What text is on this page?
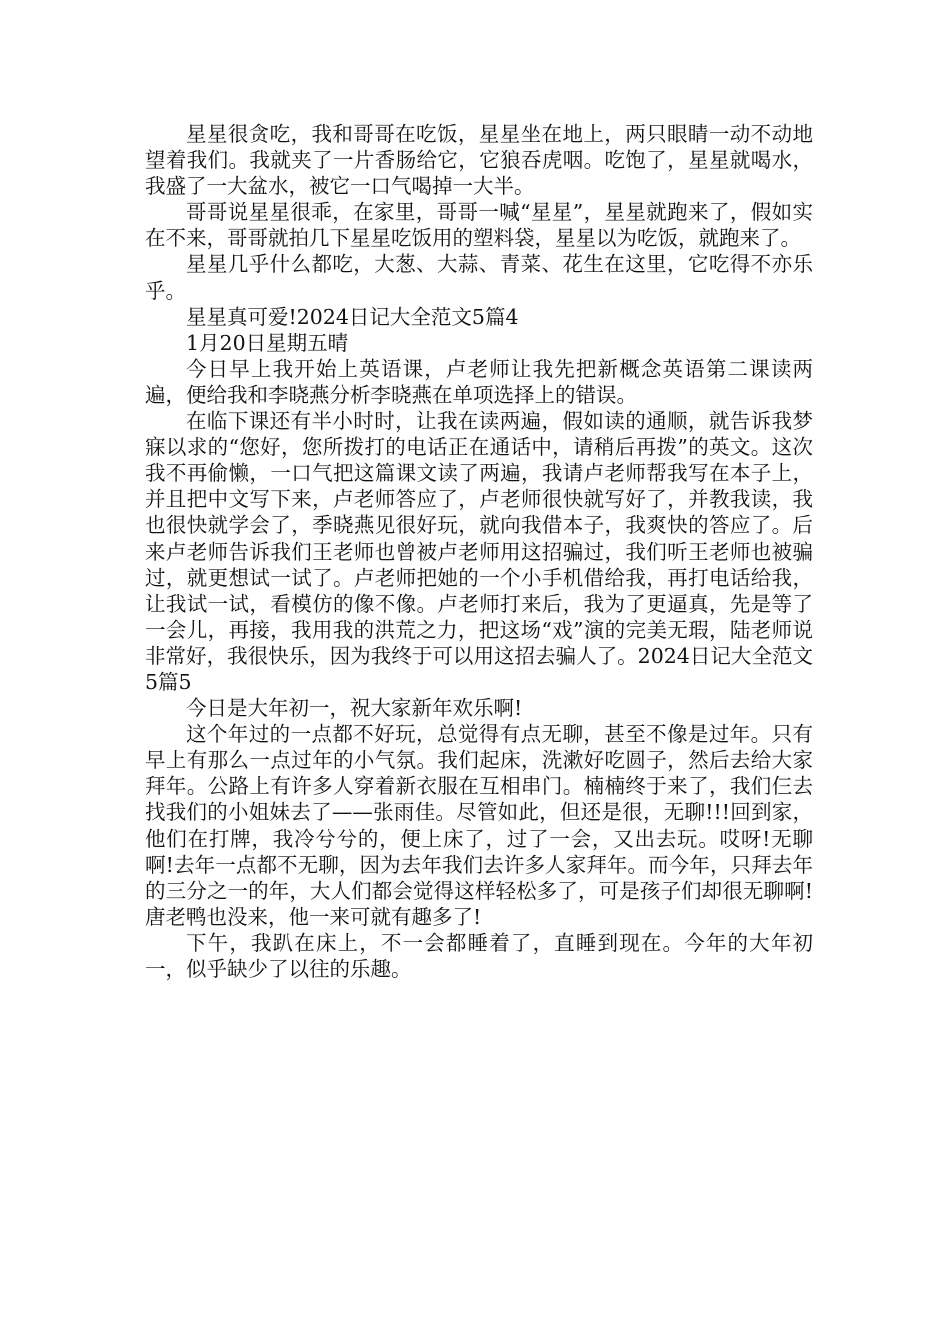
星星很贪吃，我和哥哥在吃饭，星星坐在地上，两只眼睛一动不动地望着我们。我就夹了一片香肠给它，它狼吞虎咽。吃饱了，星星就喝水，我盛了一大盆水，被它一口气喝掉一大半。

哥哥说星星很乖，在家里，哥哥一喊“星星”，星星就跑来了，假如实在不来，哥哥就拍几下星星吃饭用的塑料袋，星星以为吃饭，就跑来了。

星星几乎什么都吃，大葱、大蒜、青菜、花生在这里，它吃得不亦乐乎。

星星真可爱!2024日记大全范文5篇4

1月20日星期五晴

今日早上我开始上英语课，卢老师让我先把新概念英语第二课读两遍，便给我和李晓燕分析李晓燕在单项选择上的错误。

在临下课还有半小时时，让我在读两遍，假如读的通顺，就告诉我梦寐以求的“您好，您所拨打的电话正在通话中，请稍后再拨”的英文。这次我不再偷懒，一口气把这篇课文读了两遍，我请卢老师帮我写在本子上，并且把中文写下来，卢老师答应了，卢老师很快就写好了，并教我读，我也很快就学会了，季晓燕见很好玩，就向我借本子，我爽快的答应了。后来卢老师告诉我们王老师也曾被卢老师用这招骗过，我们听王老师也被骗过，就更想试一试了。卢老师把她的一个小手机借给我，再打电话给我，让我试一试，看模仿的像不像。卢老师打来后，我为了更逼真，先是等了一会儿，再接，我用我的洪荒之力，把这场“戏”演的完美无瑕，陆老师说非常好，我很快乐，因为我终于可以用这招去骗人了。2024日记大全范文5篇5

今日是大年初一，祝大家新年欢乐啊!

这个年过的一点都不好玩，总觉得有点无聊，甚至不像是过年。只有早上有那么一点过年的小气氛。我们起床，洗漱好吃圆子，然后去给大家拜年。公路上有许多人穿着新衣服在互相串门。楠楠终于来了，我们仨去找我们的小姐妹去了——张雨佳。尽管如此，但还是很，无聊!!!回到家，他们在打牌，我冷兮兮的，便上床了，过了一会，又出去玩。哎呀!无聊啊!去年一点都不无聊，因为去年我们去许多人家拜年。而今年，只拜去年的三分之一的年，大人们都会觉得这样轻松多了，可是孩子们却很无聊啊!唐老鸭也没来，他一来可就有趣多了!

下午，我趴在床上，不一会都睡着了，直睡到现在。今年的大年初一，似乎缺少了以往的乐趣。
